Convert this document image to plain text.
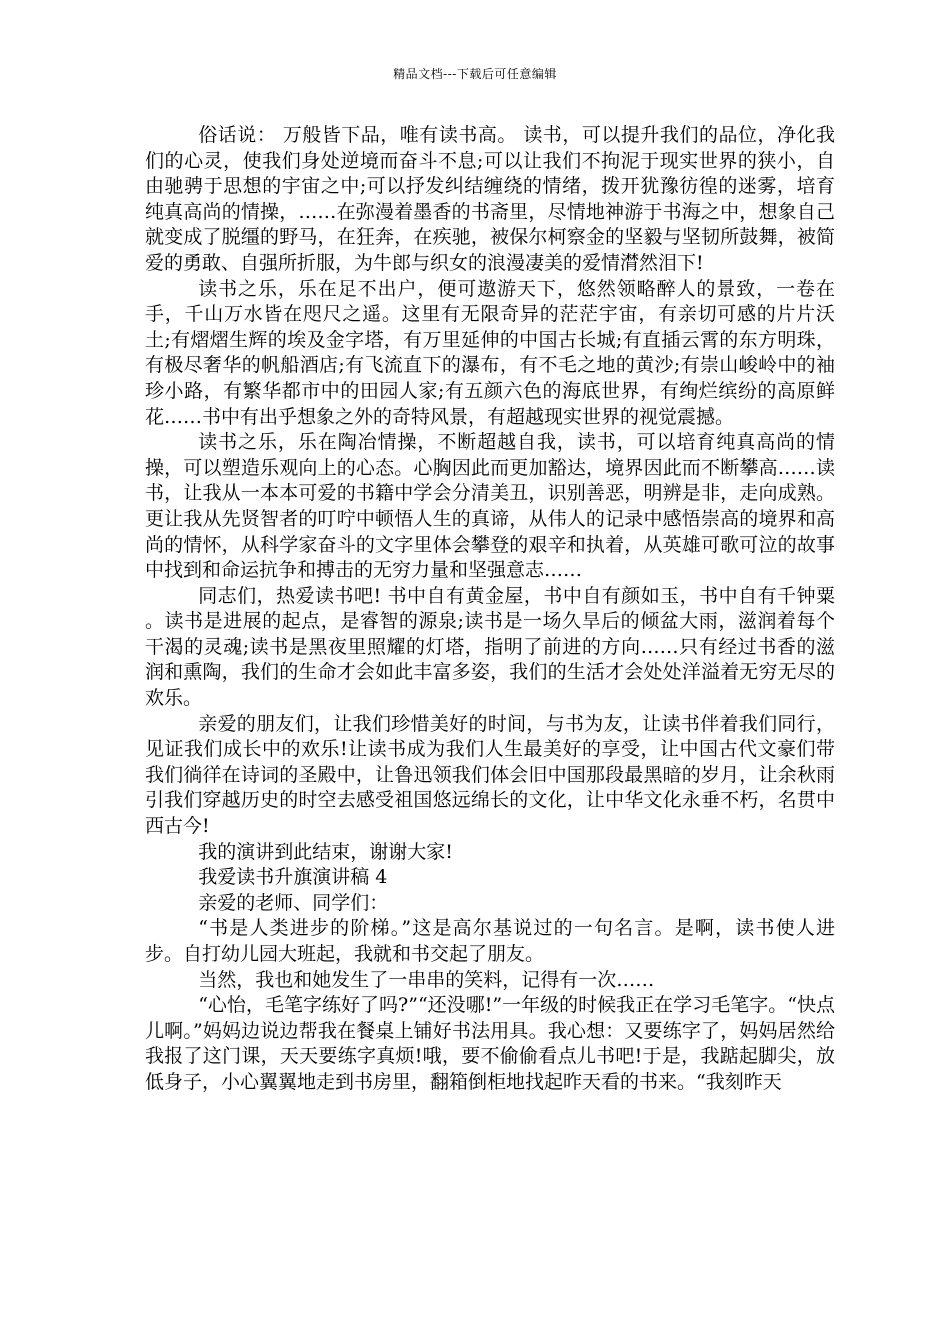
精品文档---下载后可任意编辑

俗话说： 万般皆下品，唯有读书高。 读书，可以提升我们的品位，净化我们的心灵，使我们身处逆境而奋斗不息;可以让我们不拘泥于现实世界的狭小，自由驰骋于思想的宇宙之中;可以抒发纠结缠绕的情绪，拨开犹豫彷徨的迷雾，培育纯真高尚的情操，……在弥漫着墨香的书斋里，尽情地神游于书海之中，想象自己就变成了脱缰的野马，在狂奔，在疾驰，被保尔柯察金的坚毅与坚韧所鼓舞，被简爱的勇敢、自强所折服，为牛郎与织女的浪漫凄美的爱情潸然泪下!

读书之乐，乐在足不出户，便可遨游天下，悠然领略醉人的景致，一卷在手，千山万水皆在咫尺之遥。这里有无限奇异的茫茫宇宙，有亲切可感的片片沃土;有熠熠生辉的埃及金字塔，有万里延伸的中国古长城;有直插云霄的东方明珠，有极尽奢华的帆船酒店;有飞流直下的瀑布，有不毛之地的黄沙;有崇山峻岭中的袖珍小路，有繁华都市中的田园人家;有五颜六色的海底世界，有绚烂缤纷的高原鲜花……书中有出乎想象之外的奇特风景，有超越现实世界的视觉震撼。

读书之乐，乐在陶冶情操，不断超越自我，读书，可以培育纯真高尚的情操，可以塑造乐观向上的心态。心胸因此而更加豁达，境界因此而不断攀高……读书，让我从一本本可爱的书籍中学会分清美丑，识别善恶，明辨是非，走向成熟。更让我从先贤智者的叮咛中顿悟人生的真谛，从伟人的记录中感悟崇高的境界和高尚的情怀，从科学家奋斗的文字里体会攀登的艰辛和执着，从英雄可歌可泣的故事中找到和命运抗争和搏击的无穷力量和坚强意志……

同志们，热爱读书吧! 书中自有黄金屋，书中自有颜如玉，书中自有千钟粟 。读书是进展的起点，是睿智的源泉;读书是一场久旱后的倾盆大雨，滋润着每个干渴的灵魂;读书是黑夜里照耀的灯塔，指明了前进的方向……只有经过书香的滋润和熏陶，我们的生命才会如此丰富多姿，我们的生活才会处处洋溢着无穷无尽的欢乐。

亲爱的朋友们，让我们珍惜美好的时间，与书为友，让读书伴着我们同行，见证我们成长中的欢乐!让读书成为我们人生最美好的享受，让中国古代文豪们带我们徜徉在诗词的圣殿中，让鲁迅领我们体会旧中国那段最黑暗的岁月，让余秋雨引我们穿越历史的时空去感受祖国悠远绵长的文化，让中华文化永垂不朽，名贯中西古今!

我的演讲到此结束，谢谢大家!

我爱读书升旗演讲稿 4

亲爱的老师、同学们：

“书是人类进步的阶梯。”这是高尔基说过的一句名言。是啊，读书使人进步。自打幼儿园大班起，我就和书交起了朋友。

当然，我也和她发生了一串串的笑料，记得有一次……

“心怡，毛笔字练好了吗?”“还没哪!”一年级的时候我正在学习毛笔字。“快点儿啊。”妈妈边说边帮我在餐桌上铺好书法用具。我心想：又要练字了，妈妈居然给我报了这门课，天天要练字真烦!哦，要不偷偷看点儿书吧!于是，我踮起脚尖，放低身子，小心翼翼地走到书房里，翻箱倒柜地找起昨天看的书来。“我刻昨天
